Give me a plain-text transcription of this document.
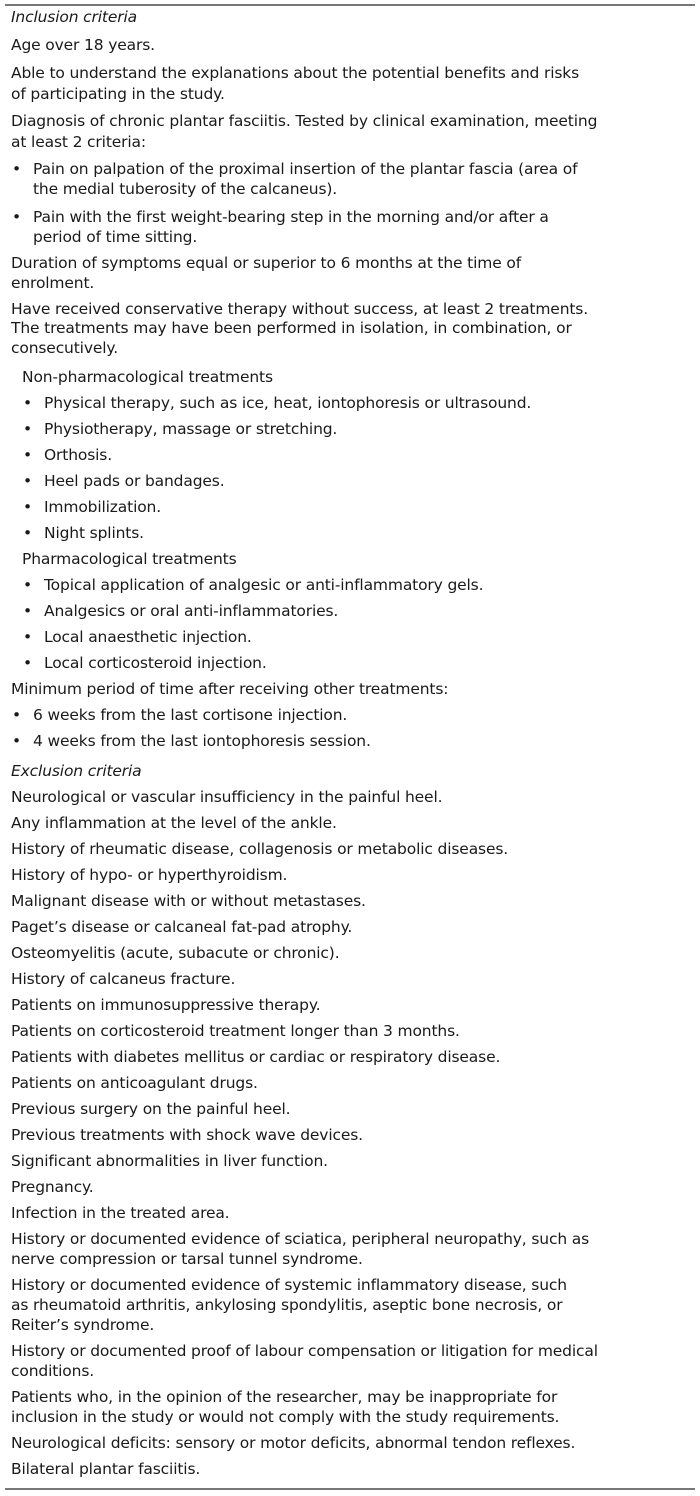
Inclusion criteria
Age over 18 years.
Able to understand the explanations about the potential benefits and risks
of participating in the study.
Diagnosis of chronic plantar fasciitis. Tested by clinical examination, meeting
at least 2 criteria:
• Pain on palpation of the proximal insertion of the plantar fascia (area of
the medial tuberosity of the calcaneus).
• Pain with the first weight-bearing step in the morning and/or after a
period of time sitting.
Duration of symptoms equal or superior to 6 months at the time of
enrolment.
Have received conservative therapy without success, at least 2 treatments.
The treatments may have been performed in isolation, in combination, or
consecutively.
Non-pharmacological treatments
• Physical therapy, such as ice, heat, iontophoresis or ultrasound.
• Physiotherapy, massage or stretching.
• Orthosis.
• Heel pads or bandages.
• Immobilization.
• Night splints.
Pharmacological treatments
• Topical application of analgesic or anti-inflammatory gels.
• Analgesics or oral anti-inflammatories.
• Local anaesthetic injection.
• Local corticosteroid injection.
Minimum period of time after receiving other treatments:
• 6 weeks from the last cortisone injection.
• 4 weeks from the last iontophoresis session.
Exclusion criteria
Neurological or vascular insufficiency in the painful heel.
Any inflammation at the level of the ankle.
History of rheumatic disease, collagenosis or metabolic diseases.
History of hypo- or hyperthyroidism.
Malignant disease with or without metastases.
Paget’s disease or calcaneal fat-pad atrophy.
Osteomyelitis (acute, subacute or chronic).
History of calcaneus fracture.
Patients on immunosuppressive therapy.
Patients on corticosteroid treatment longer than 3 months.
Patients with diabetes mellitus or cardiac or respiratory disease.
Patients on anticoagulant drugs.
Previous surgery on the painful heel.
Previous treatments with shock wave devices.
Significant abnormalities in liver function.
Pregnancy.
Infection in the treated area.
History or documented evidence of sciatica, peripheral neuropathy, such as
nerve compression or tarsal tunnel syndrome.
History or documented evidence of systemic inflammatory disease, such
as rheumatoid arthritis, ankylosing spondylitis, aseptic bone necrosis, or
Reiter’s syndrome.
History or documented proof of labour compensation or litigation for medical
conditions.
Patients who, in the opinion of the researcher, may be inappropriate for
inclusion in the study or would not comply with the study requirements.
Neurological deficits: sensory or motor deficits, abnormal tendon reflexes.
Bilateral plantar fasciitis.
